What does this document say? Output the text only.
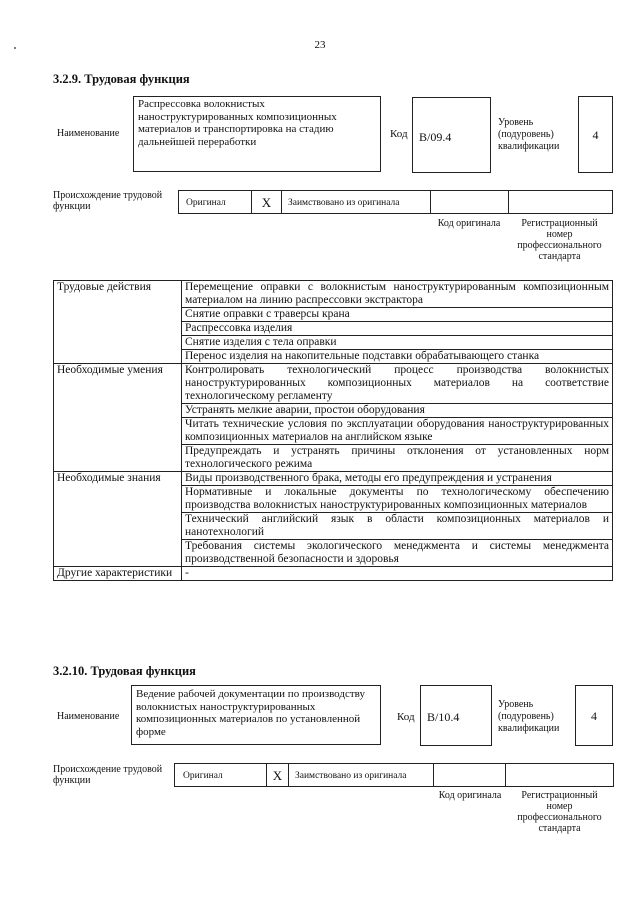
23
3.2.9. Трудовая функция
Наименование
Распрессовка волокнистых наноструктурированных композиционных материалов и транспортировка на стадию дальнейшей переработки
Код B/09.4
Уровень (подуровень) квалификации
4
Происхождение трудовой функции	Оригинал	X	Заимствовано из оригинала
Код оригинала	Регистрационный номер профессионального стандарта
Трудовые действия	Перемещение оправки с волокнистым наноструктурированным композиционным материалом на линию распрессовки экстрактора
	Снятие оправки с траверсы крана
	Распрессовка изделия
	Снятие изделия с тела оправки
	Перенос изделия на накопительные подставки обрабатывающего станка
Необходимые умения	Контролировать технологический процесс производства волокнистых наноструктурированных композиционных материалов на соответствие технологическому регламенту
	Устранять мелкие аварии, простои оборудования
	Читать технические условия по эксплуатации оборудования наноструктурированных композиционных материалов на английском языке
	Предупреждать и устранять причины отклонения от установленных норм технологического режима
Необходимые знания	Виды производственного брака, методы его предупреждения и устранения
	Нормативные и локальные документы по технологическому обеспечению производства волокнистых наноструктурированных композиционных материалов
	Технический английский язык в области композиционных материалов и нанотехнологий
	Требования системы экологического менеджмента и системы менеджмента производственной безопасности и здоровья
Другие характеристики	-
3.2.10. Трудовая функция
Наименование
Ведение рабочей документации по производству волокнистых наноструктурированных композиционных материалов по установленной форме
Код	B/10.4
Уровень (подуровень) квалификации
4
Происхождение трудовой функции	Оригинал	X	Заимствовано из оригинала
Код оригинала	Регистрационный номер профессионального стандарта
